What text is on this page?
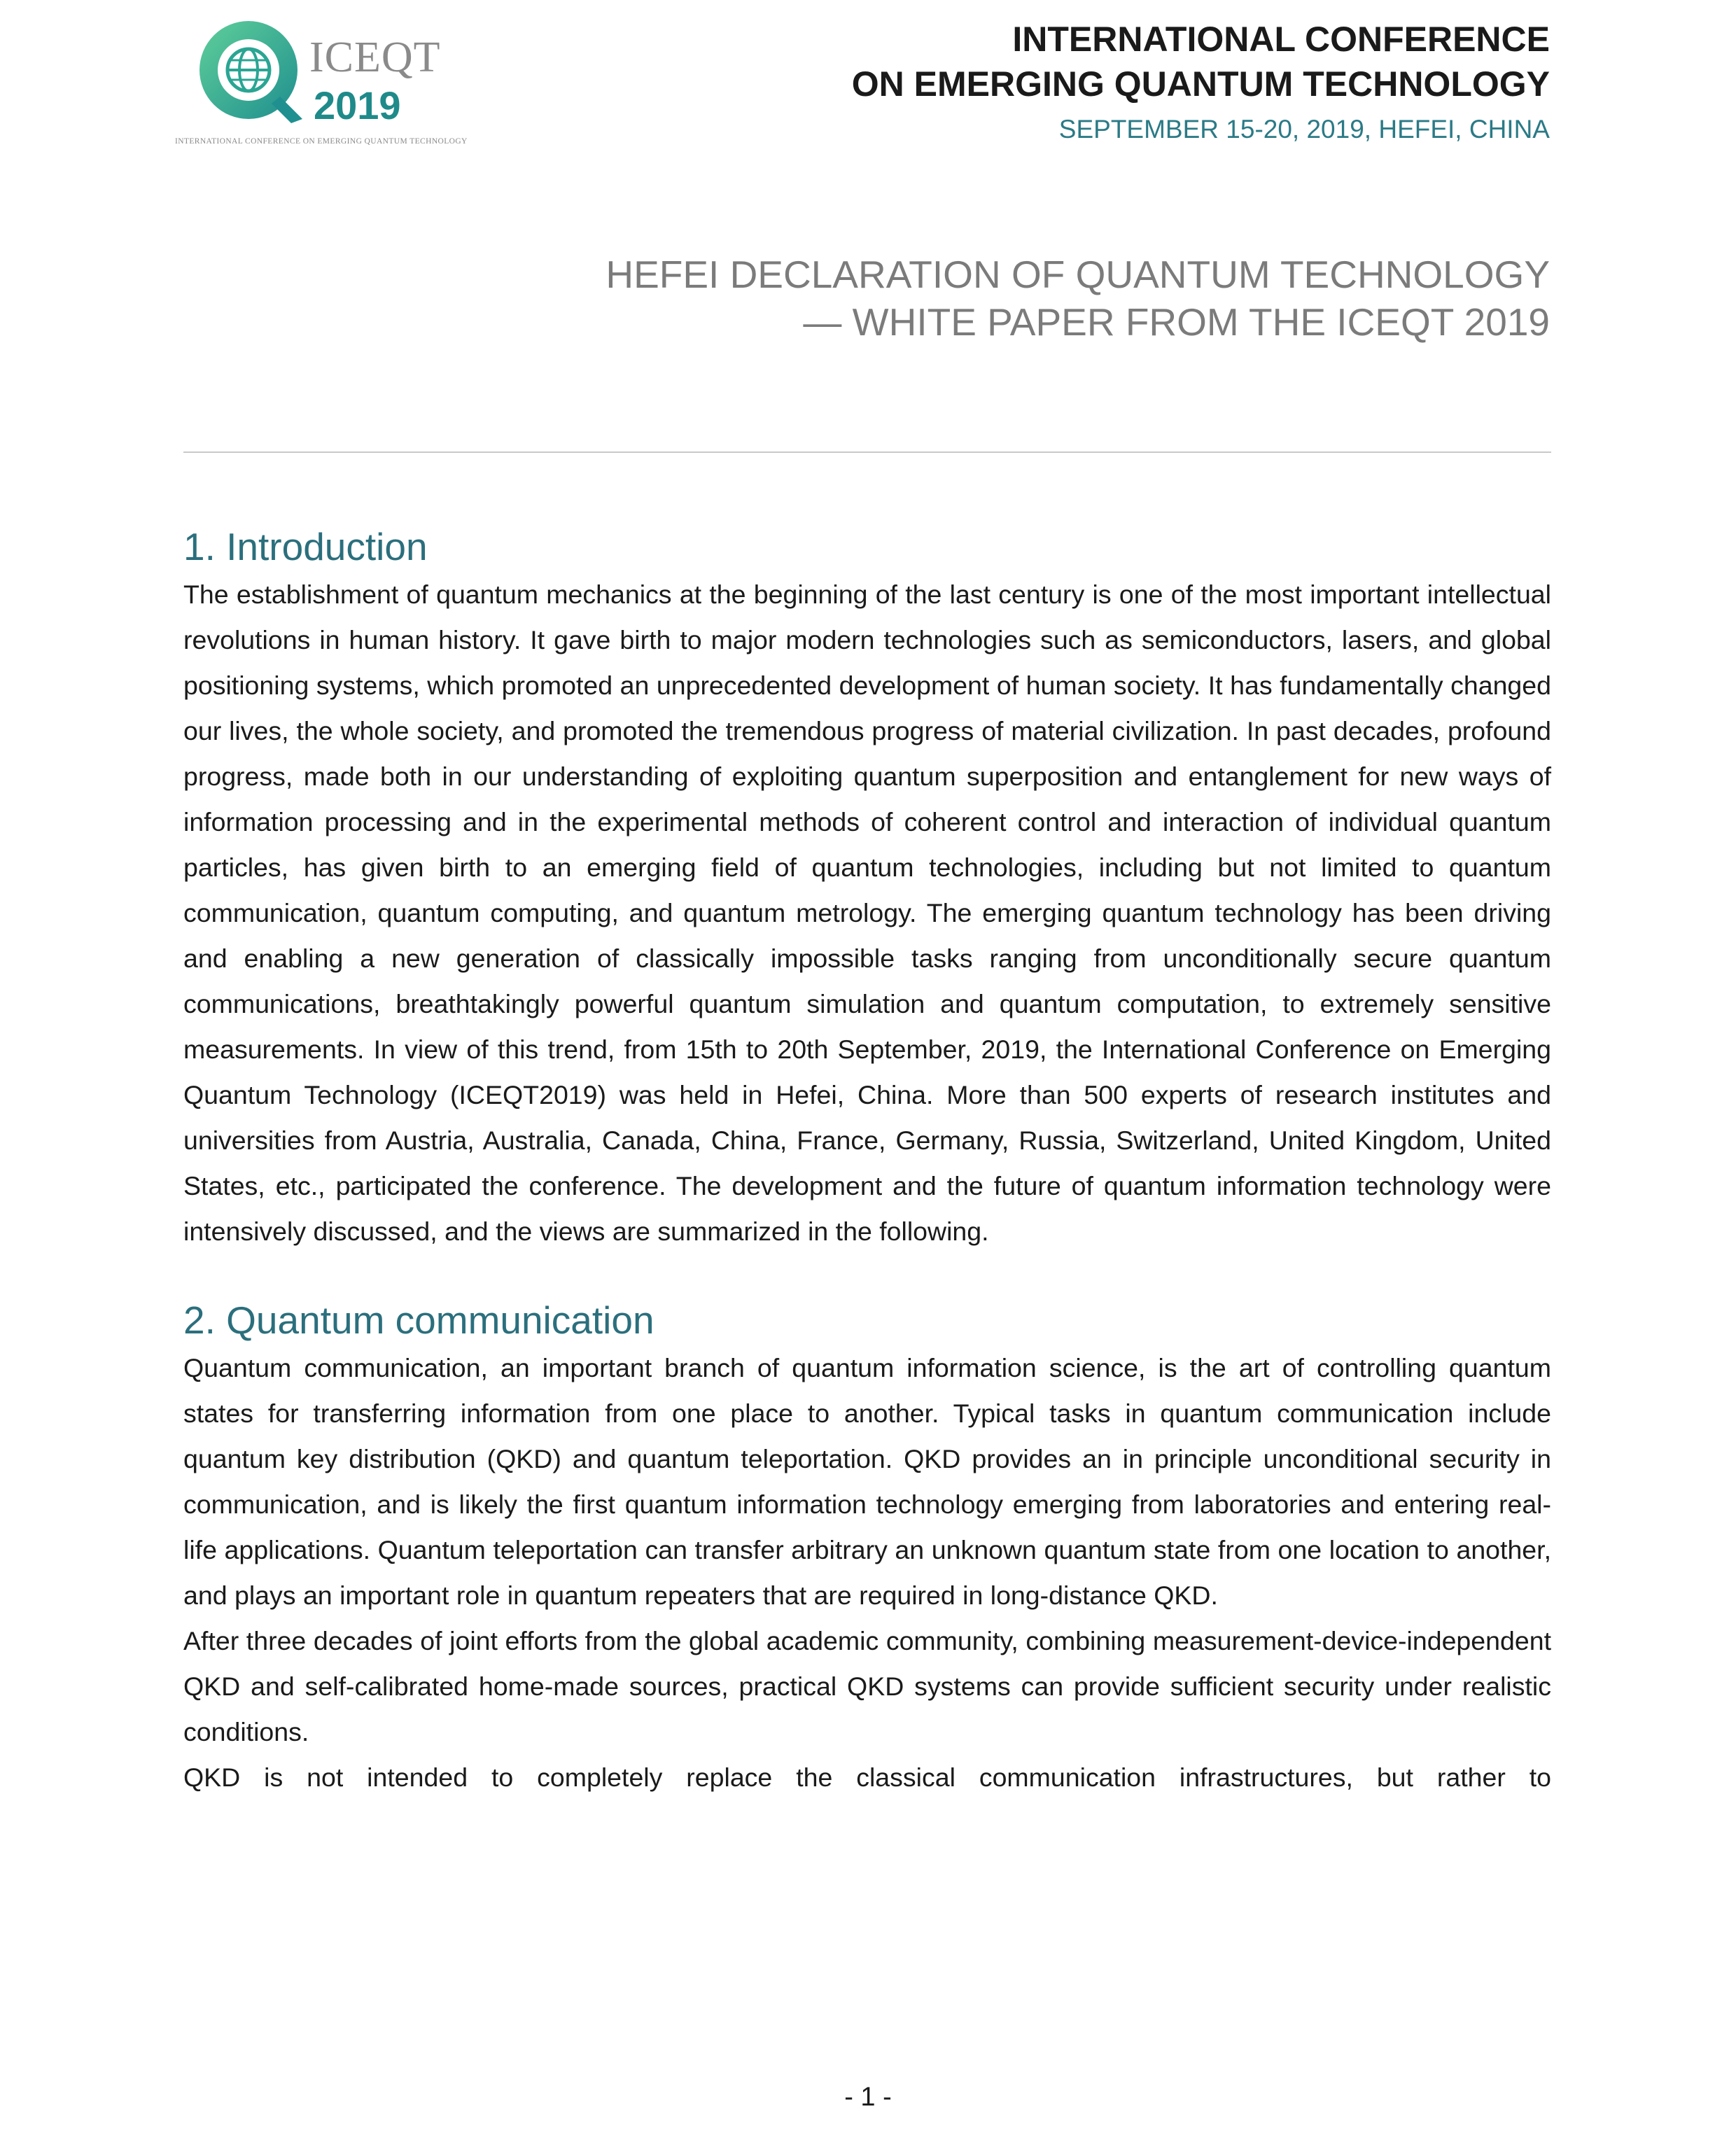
ICEQT
2019
INTERNATIONAL CONFERENCE ON EMERGING QUANTUM TECHNOLOGY
INTERNATIONAL CONFERENCE
ON EMERGING QUANTUM TECHNOLOGY
SEPTEMBER 15-20, 2019, HEFEI, CHINA
HEFEI DECLARATION OF QUANTUM TECHNOLOGY
— WHITE PAPER FROM THE ICEQT 2019
1. Introduction

The establishment of quantum mechanics at the beginning of the last century is one of the most important intellectual revolutions in human history. It gave birth to major modern technologies such as semiconductors, lasers, and global positioning systems, which promoted an unprecedented development of human society. It has fundamentally changed our lives, the whole society, and promoted the tremendous progress of material civilization. In past decades, profound progress, made both in our understanding of exploiting quantum superposition and entanglement for new ways of information processing and in the experimental methods of coherent control and interaction of individual quantum particles, has given birth to an emerging field of quantum technologies, including but not limited to quantum communication, quantum computing, and quantum metrology. The emerging quantum technology has been driving and enabling a new generation of classically impossible tasks ranging from unconditionally secure quantum communications, breathtakingly powerful quantum simulation and quantum computation, to extremely sensitive measurements. In view of this trend, from 15th to 20th September, 2019, the International Conference on Emerging Quantum Technology (ICEQT2019) was held in Hefei, China. More than 500 experts of research institutes and universities from Austria, Australia, Canada, China, France, Germany, Russia, Switzerland, United Kingdom, United States, etc., participated the conference. The development and the future of quantum information technology were intensively discussed, and the views are summarized in the following.

2. Quantum communication

Quantum communication, an important branch of quantum information science, is the art of controlling quantum states for transferring information from one place to another. Typical tasks in quantum communication include quantum key distribution (QKD) and quantum teleportation. QKD provides an in principle unconditional security in communication, and is likely the first quantum information technology emerging from laboratories and entering real-life applications. Quantum teleportation can transfer arbitrary an unknown quantum state from one location to another, and plays an important role in quantum repeaters that are required in long-distance QKD.

After three decades of joint efforts from the global academic community, combining measurement-device-independent QKD and self-calibrated home-made sources, practical QKD systems can provide sufficient security under realistic conditions.

QKD is not intended to completely replace the classical communication infrastructures, but rather to

- 1 -
